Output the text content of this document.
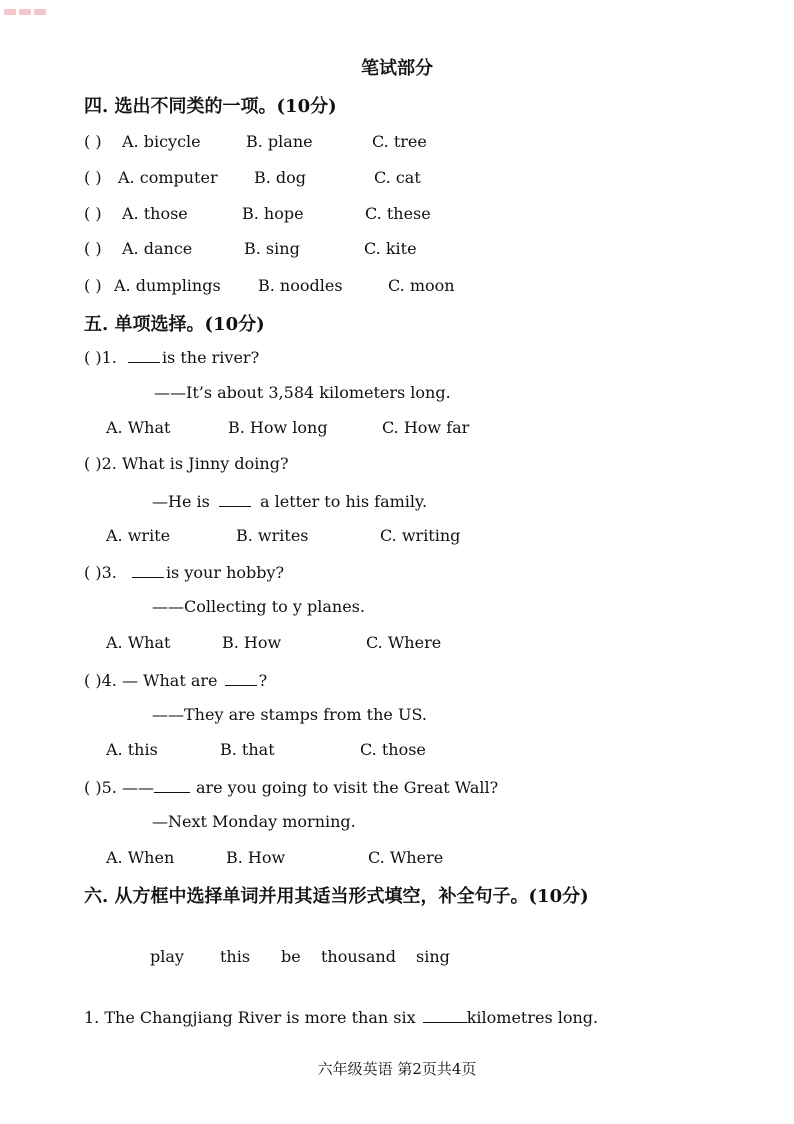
笔试部分
四. 选出不同类的一项。(10分)
( ) A. bicycle	B. plane	C. tree
( ) A. computer B. dog	C. cat
( ) A. those	B. hope	C. these
( ) A. dance	B. sing	C. kite
( ) A. dumplings B. noodles	C. moon
五. 单项选择。(10分)
( )1.	is the river?
——It’s about 3,584 kilometers long.
A. What	B. How long	C. How far
( )2. What is Jinny doing?
—He is	a letter to his family.
A. write	B. writes	C. writing
( )3.	is your hobby?
——Collecting to y planes.
A. What	B. How	C. Where
( )4. — What are	?
——They are stamps from the US.
A. this	B. that	C. those
( )5. ——	are you going to visit the Great Wall?
—Next Monday morning.
A. When	B. How	C. Where
六. 从方框中选择单词并用其适当形式填空，补全句子。(10分)
play this be thousand sing
1. The Changjiang River is more than six	kilometres long.
六年级英语 第2页共4页
